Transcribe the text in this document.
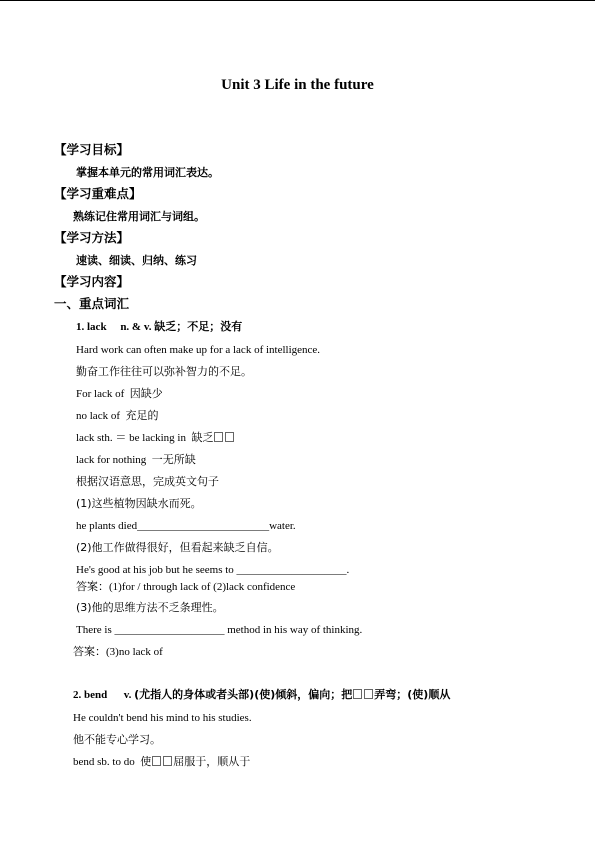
Unit 3 Life in the future
【学习目标】
掌握本单元的常用词汇表达。
【学习重难点】
熟练记住常用词汇与词组。
【学习方法】
速读、细读、归纳、练习
【学习内容】
一、重点词汇
1. lack n. & v. 缺乏；不足；没有
Hard work can often make up for a lack of intelligence.
勤奋工作往往可以弥补智力的不足。
For lack of 因缺少
no lack of 充足的
lack sth. ＝ be lacking in 缺乏
lack for nothing 一无所缺
根据汉语意思，完成英文句子
(1)这些植物因缺水而死。
he plants died________________________water.
(2)他工作做得很好，但看起来缺乏自信。
He's good at his job but he seems to ____________________.
答案：(1)for / through lack of (2)lack confidence
(3)他的思维方法不乏条理性。
There is ____________________ method in his way of thinking.
答案：(3)no lack of
2. bend v. (尤指人的身体或者头部)(使)倾斜，偏向；把 弄弯；(使)顺从
He couldn't bend his mind to his studies.
他不能专心学习。
bend sb. to do 使 屈服于，顺从于
